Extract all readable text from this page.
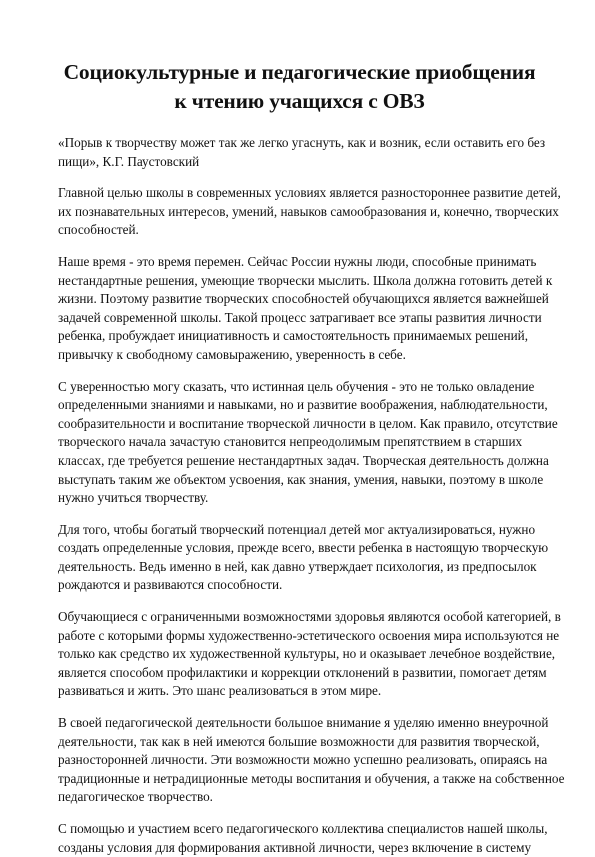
Социокультурные и педагогические приобщения
к чтению учащихся с ОВЗ
«Порыв к творчеству может так же легко угаснуть, как и возник, если оставить его без
пищи», К.Г. Паустовский

Главной целью школы в современных условиях является разностороннее развитие детей,
их познавательных интересов, умений, навыков самообразования и, конечно, творческих
способностей.

Наше время - это время перемен. Сейчас России нужны люди, способные принимать
нестандартные решения, умеющие творчески мыслить. Школа должна готовить детей к
жизни. Поэтому развитие творческих способностей обучающихся является важнейшей
задачей современной школы. Такой процесс затрагивает все этапы развития личности
ребенка, пробуждает инициативность и самостоятельность принимаемых решений,
привычку к свободному самовыражению, уверенность в себе.

С уверенностью могу сказать, что истинная цель обучения - это не только овладение
определенными знаниями и навыками, но и развитие воображения, наблюдательности,
сообразительности и воспитание творческой личности в целом. Как правило, отсутствие
творческого начала зачастую становится непреодолимым препятствием в старших
классах, где требуется решение нестандартных задач. Творческая деятельность должна
выступать таким же объектом усвоения, как знания, умения, навыки, поэтому в школе
нужно учиться творчеству.

Для того, чтобы богатый творческий потенциал детей мог актуализироваться, нужно
создать определенные условия, прежде всего, ввести ребенка в настоящую творческую
деятельность. Ведь именно в ней, как давно утверждает психология, из предпосылок
рождаются и развиваются способности.

Обучающиеся с ограниченными возможностями здоровья являются особой категорией, в
работе с которыми формы художественно-эстетического освоения мира используются не
только как средство их художественной культуры, но и оказывает лечебное воздействие,
является способом профилактики и коррекции отклонений в развитии, помогает детям
развиваться и жить. Это шанс реализоваться в этом мире.

В своей педагогической деятельности большое внимание я уделяю именно внеурочной
деятельности, так как в ней имеются большие возможности для развития творческой,
разносторонней личности. Эти возможности можно успешно реализовать, опираясь на
традиционные и нетрадиционные методы воспитания и обучения, а также на собственное
педагогическое творчество.

С помощью и участием всего педагогического коллектива специалистов нашей школы,
созданы условия для формирования активной личности, через включение в систему
